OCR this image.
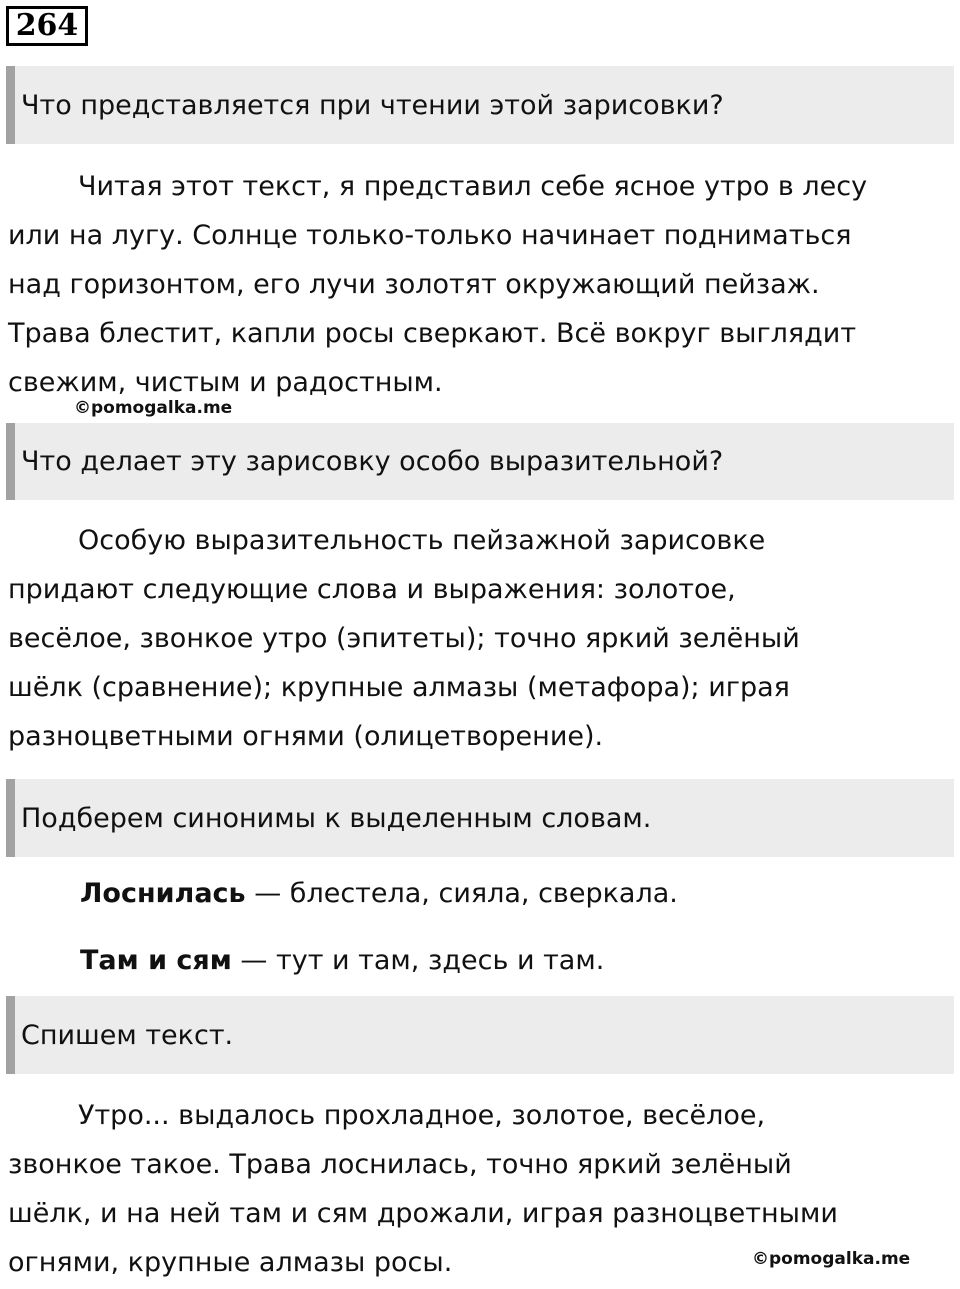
264
Что представляется при чтении этой зарисовки?
Читая этот текст, я представил себе ясное утро в лесу
или на лугу. Солнце только-только начинает подниматься
над горизонтом, его лучи золотят окружающий пейзаж.
Трава блестит, капли росы сверкают. Всё вокруг выглядит
свежим, чистым и радостным.
©pomogalka.me
Что делает эту зарисовку особо выразительной?
Особую выразительность пейзажной зарисовке
придают следующие слова и выражения: золотое,
весёлое, звонкое утро (эпитеты); точно яркий зелёный
шёлк (сравнение); крупные алмазы (метафора); играя
разноцветными огнями (олицетворение).
Подберем синонимы к выделенным словам.
Лоснилась — блестела, сияла, сверкала.
Там и сям — тут и там, здесь и там.
Спишем текст.
Утро... выдалось прохладное, золотое, весёлое,
звонкое такое. Трава лоснилась, точно яркий зелёный
шёлк, и на ней там и сям дрожали, играя разноцветными
огнями, крупные алмазы росы.	©pomogalka.me
